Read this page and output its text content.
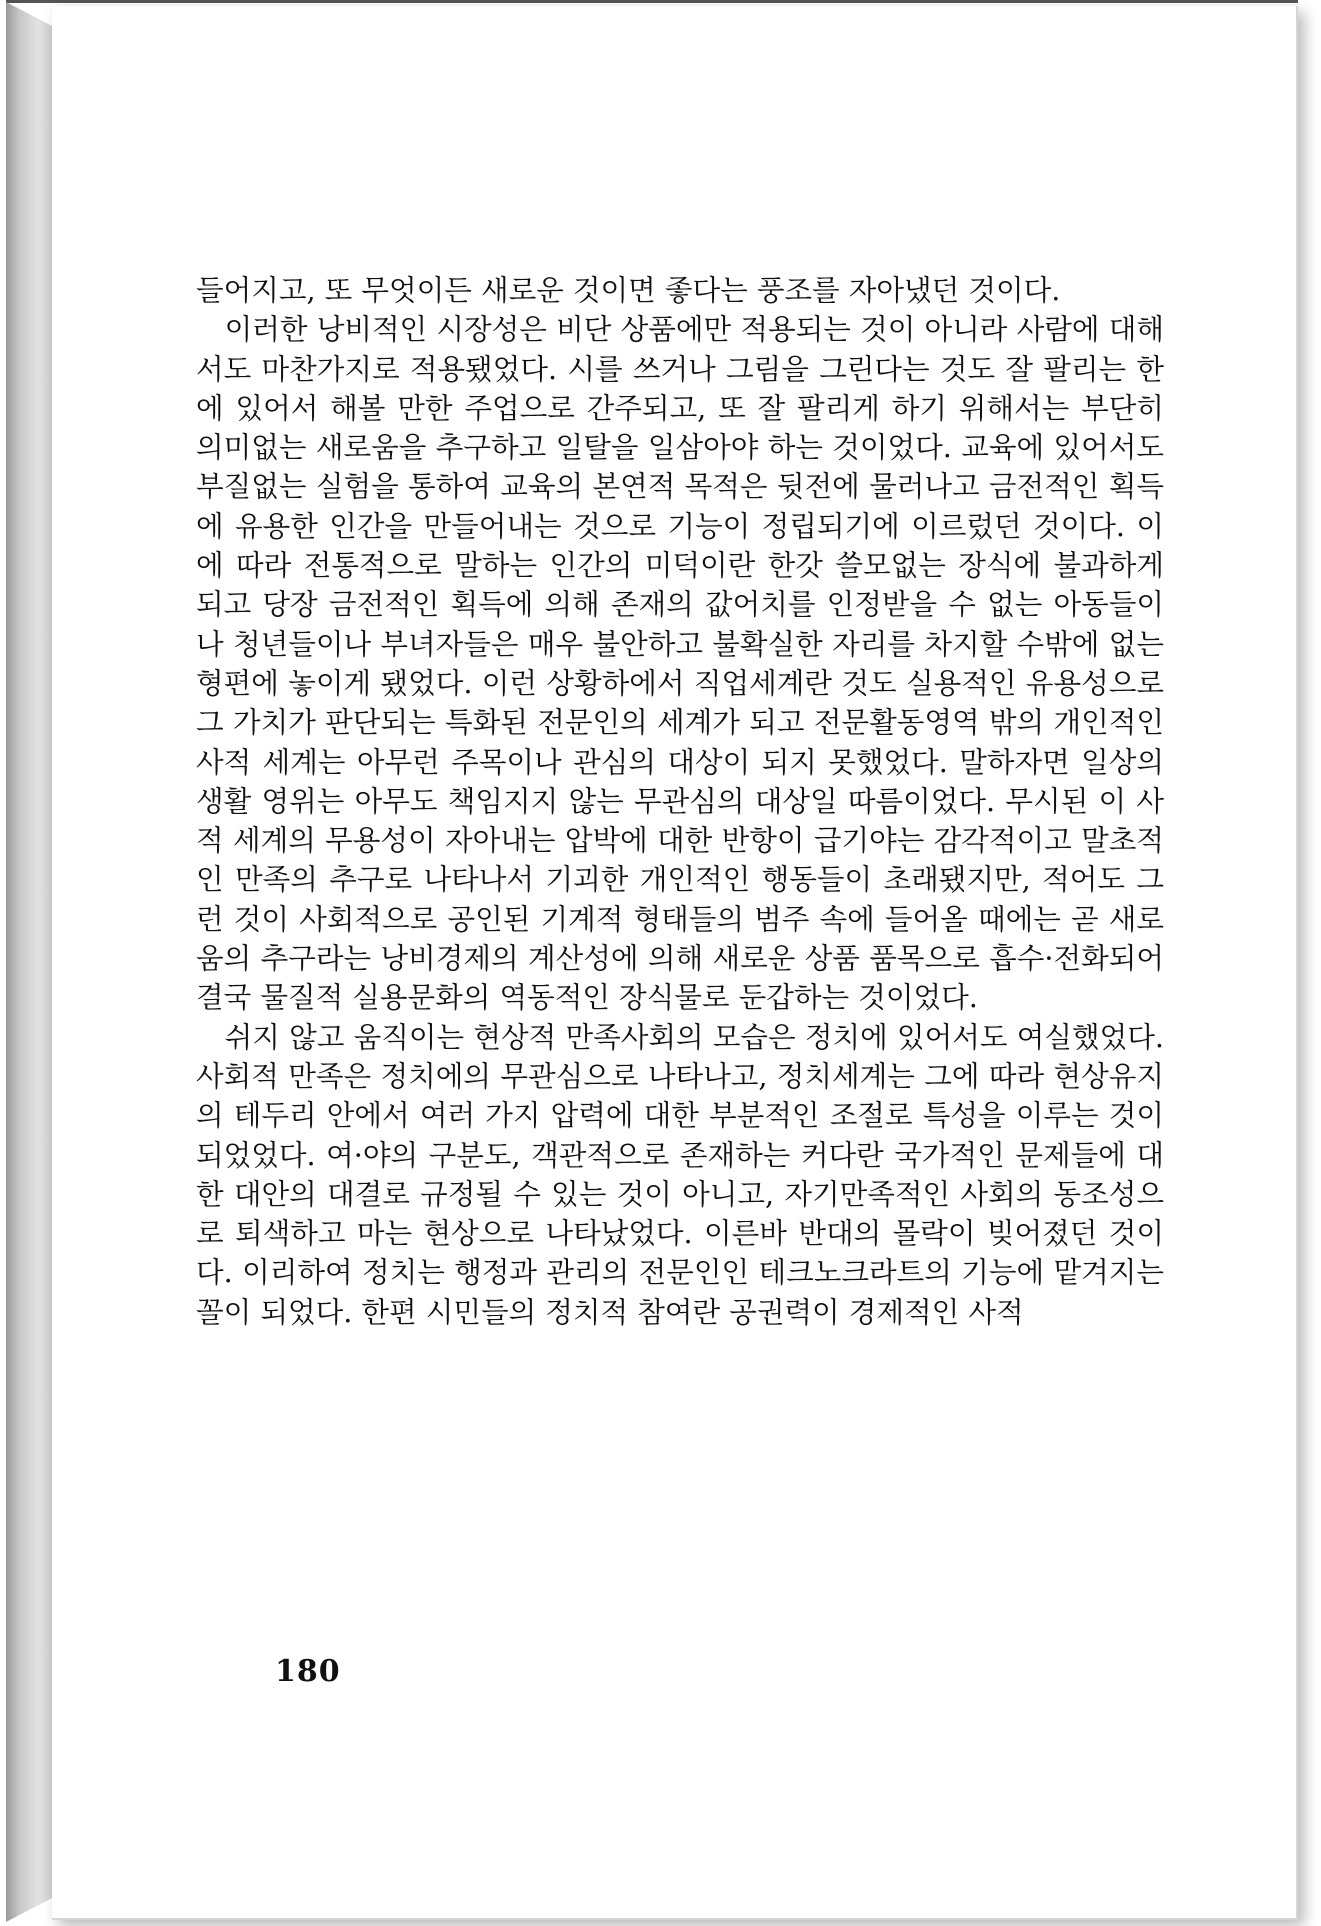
들어지고, 또 무엇이든 새로운 것이면 좋다는 풍조를 자아냈던 것이다.

이러한 낭비적인 시장성은 비단 상품에만 적용되는 것이 아니라 사람에 대해서도 마찬가지로 적용됐었다. 시를 쓰거나 그림을 그린다는 것도 잘 팔리는 한에 있어서 해볼 만한 주업으로 간주되고, 또 잘 팔리게 하기 위해서는 부단히 의미없는 새로움을 추구하고 일탈을 일삼아야 하는 것이었다. 교육에 있어서도 부질없는 실험을 통하여 교육의 본연적 목적은 뒷전에 물러나고 금전적인 획득에 유용한 인간을 만들어내는 것으로 기능이 정립되기에 이르렀던 것이다. 이에 따라 전통적으로 말하는 인간의 미덕이란 한갓 쓸모없는 장식에 불과하게 되고 당장 금전적인 획득에 의해 존재의 값어치를 인정받을 수 없는 아동들이나 청년들이나 부녀자들은 매우 불안하고 불확실한 자리를 차지할 수밖에 없는 형편에 놓이게 됐었다. 이런 상황하에서 직업세계란 것도 실용적인 유용성으로 그 가치가 판단되는 특화된 전문인의 세계가 되고 전문활동영역 밖의 개인적인 사적 세계는 아무런 주목이나 관심의 대상이 되지 못했었다. 말하자면 일상의 생활 영위는 아무도 책임지지 않는 무관심의 대상일 따름이었다. 무시된 이 사적 세계의 무용성이 자아내는 압박에 대한 반항이 급기야는 감각적이고 말초적인 만족의 추구로 나타나서 기괴한 개인적인 행동들이 초래됐지만, 적어도 그런 것이 사회적으로 공인된 기계적 형태들의 범주 속에 들어올 때에는 곧 새로움의 추구라는 낭비경제의 계산성에 의해 새로운 상품 품목으로 흡수·전화되어 결국 물질적 실용문화의 역동적인 장식물로 둔갑하는 것이었다.

쉬지 않고 움직이는 현상적 만족사회의 모습은 정치에 있어서도 여실했었다. 사회적 만족은 정치에의 무관심으로 나타나고, 정치세계는 그에 따라 현상유지의 테두리 안에서 여러 가지 압력에 대한 부분적인 조절로 특성을 이루는 것이 되었었다. 여·야의 구분도, 객관적으로 존재하는 커다란 국가적인 문제들에 대한 대안의 대결로 규정될 수 있는 것이 아니고, 자기만족적인 사회의 동조성으로 퇴색하고 마는 현상으로 나타났었다. 이른바 반대의 몰락이 빚어졌던 것이다. 이리하여 정치는 행정과 관리의 전문인인 테크노크라트의 기능에 맡겨지는 꼴이 되었다. 한편 시민들의 정치적 참여란 공권력이 경제적인 사적

180
